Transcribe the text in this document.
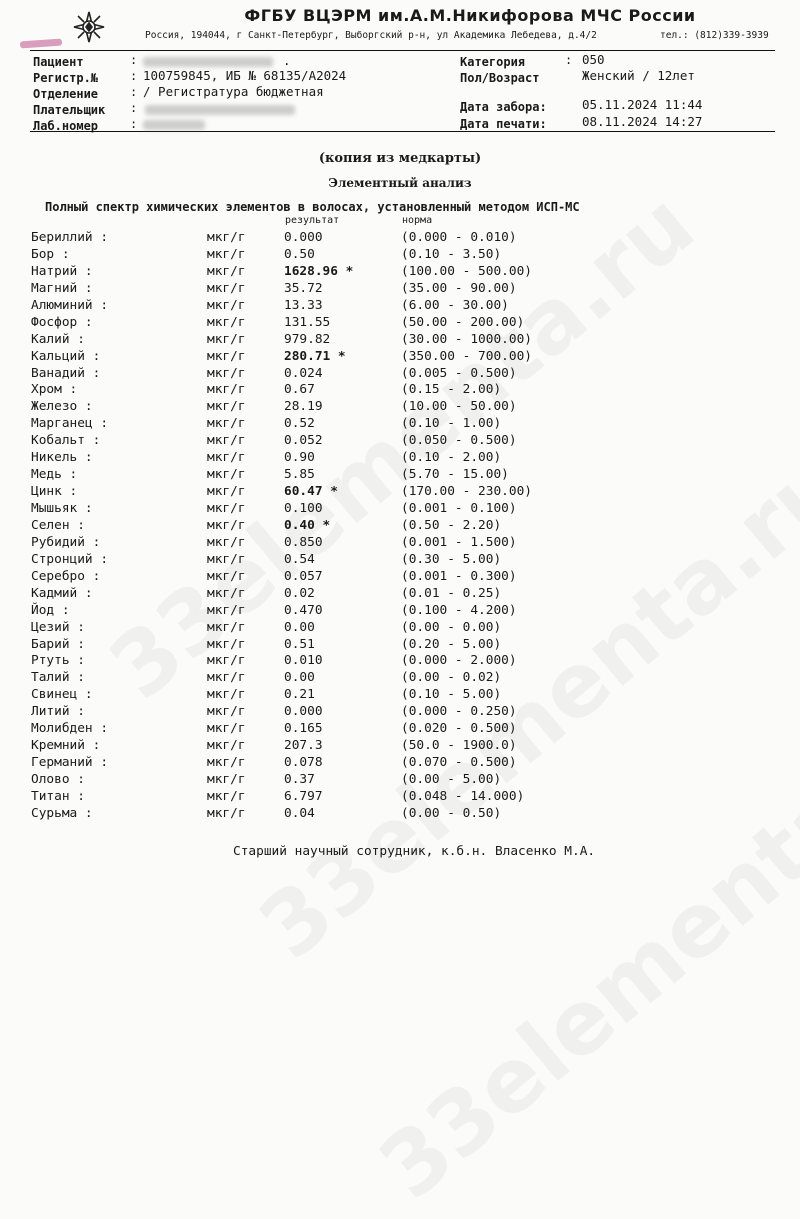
ФГБУ ВЦЭРМ им.А.М.Никифорова МЧС России
Россия, 194044, г Санкт-Петербург, Выборгский р-н, ул Академика Лебедева, д.4/2	тел.: (812)339-3939
Пациент	:	.
Регистр.№	: 100759845, ИБ № 68135/А2024
Отделение	: / Регистратура бюджетная
Плательщик :
Лаб.номер	:
Категория	: 050
Пол/Возраст	Женский / 12лет
Дата забора:	05.11.2024 11:44
Дата печати:	08.11.2024 14:27
(копия из медкарты)
Элементный анализ
Полный спектр химических элементов в волосах, установленный методом ИСП-МС
результат	норма
Бериллий :	мкг/г	0.000	(0.000 - 0.010)
Бор :	мкг/г	0.50	(0.10 - 3.50)
Натрий :	мкг/г	1628.96 *	(100.00 - 500.00)
Магний :	мкг/г	35.72	(35.00 - 90.00)
Алюминий :	мкг/г	13.33	(6.00 - 30.00)
Фосфор :	мкг/г	131.55	(50.00 - 200.00)
Калий :	мкг/г	979.82	(30.00 - 1000.00)
Кальций :	мкг/г	280.71 *	(350.00 - 700.00)
Ванадий :	мкг/г	0.024	(0.005 - 0.500)
Хром :	мкг/г	0.67	(0.15 - 2.00)
Железо :	мкг/г	28.19	(10.00 - 50.00)
Марганец :	мкг/г	0.52	(0.10 - 1.00)
Кобальт :	мкг/г	0.052	(0.050 - 0.500)
Никель :	мкг/г	0.90	(0.10 - 2.00)
Медь :	мкг/г	5.85	(5.70 - 15.00)
Цинк :	мкг/г	60.47 *	(170.00 - 230.00)
Мышьяк :	мкг/г	0.100	(0.001 - 0.100)
Селен :	мкг/г	0.40 *	(0.50 - 2.20)
Рубидий :	мкг/г	0.850	(0.001 - 1.500)
Стронций :	мкг/г	0.54	(0.30 - 5.00)
Серебро :	мкг/г	0.057	(0.001 - 0.300)
Кадмий :	мкг/г	0.02	(0.01 - 0.25)
Йод :	мкг/г	0.470	(0.100 - 4.200)
Цезий :	мкг/г	0.00	(0.00 - 0.00)
Барий :	мкг/г	0.51	(0.20 - 5.00)
Ртуть :	мкг/г	0.010	(0.000 - 2.000)
Талий :	мкг/г	0.00	(0.00 - 0.02)
Свинец :	мкг/г	0.21	(0.10 - 5.00)
Литий :	мкг/г	0.000	(0.000 - 0.250)
Молибден :	мкг/г	0.165	(0.020 - 0.500)
Кремний :	мкг/г	207.3	(50.0 - 1900.0)
Германий :	мкг/г	0.078	(0.070 - 0.500)
Олово :	мкг/г	0.37	(0.00 - 5.00)
Титан :	мкг/г	6.797	(0.048 - 14.000)
Сурьма :	мкг/г	0.04	(0.00 - 0.50)
Старший научный сотрудник, к.б.н. Власенко М.А.
